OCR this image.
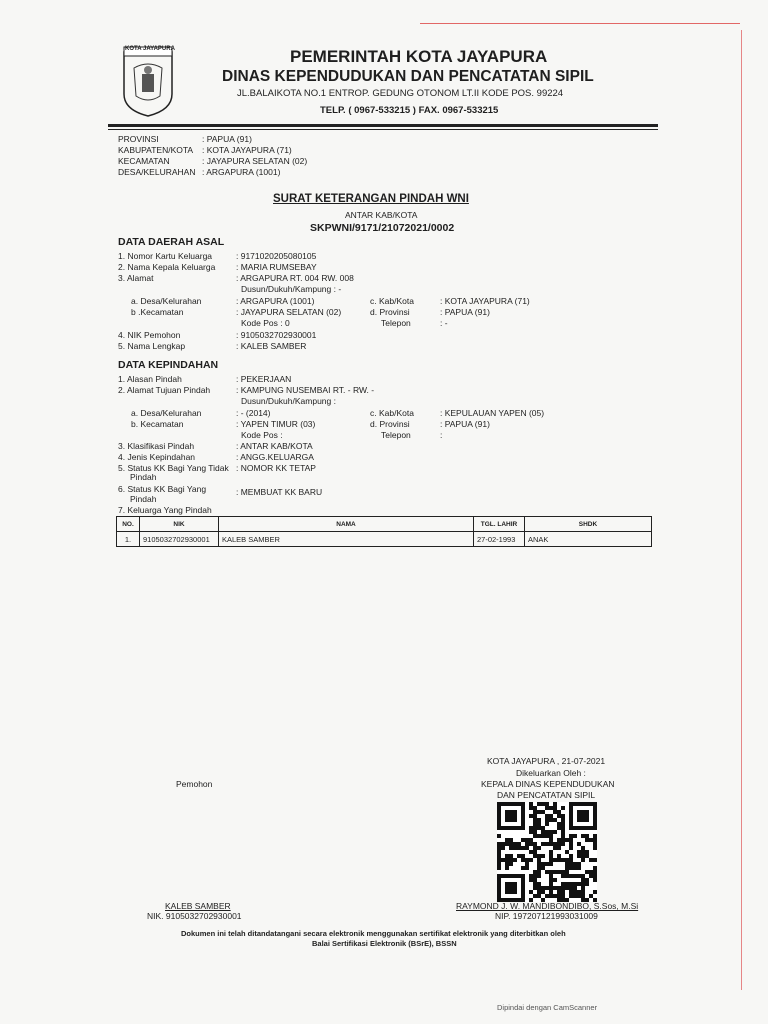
KOTA JAYAPURA	PEMERINTAH KOTA JAYAPURA
DINAS KEPENDUDUKAN DAN PENCATATAN SIPIL
JL.BALAIKOTA NO.1 ENTROP. GEDUNG OTONOM LT.II KODE POS. 99224
TELP. ( 0967-533215 ) FAX. 0967-533215
PROVINSI	: PAPUA (91)
KABUPATEN/KOTA : KOTA JAYAPURA (71)
KECAMATAN	: JAYAPURA SELATAN (02)
DESA/KELURAHAN : ARGAPURA (1001)
SURAT KETERANGAN PINDAH WNI
ANTAR KAB/KOTA
SKPWNI/9171/21072021/0002
DATA DAERAH ASAL
1. Nomor Kartu Keluarga	: 9171020205080105
2. Nama Kepala Keluarga : MARIA RUMSEBAY
3. Alamat	: ARGAPURA RT. 004 RW. 008
Dusun/Dukuh/Kampung : -
a. Desa/Kelurahan	: ARGAPURA (1001)	c. Kab/Kota	: KOTA JAYAPURA (71)
b .Kecamatan	: JAYAPURA SELATAN (02)	d. Provinsi	: PAPUA (91)
Kode Pos : 0	Telepon	: -
4. NIK Pemohon	: 9105032702930001
5. Nama Lengkap	: KALEB SAMBER
DATA KEPINDAHAN
1. Alasan Pindah	: PEKERJAAN
2. Alamat Tujuan Pindah	: KAMPUNG NUSEMBAI RT. - RW. -
Dusun/Dukuh/Kampung :
a. Desa/Kelurahan	: - (2014)	c. Kab/Kota	: KEPULAUAN YAPEN (05)
b. Kecamatan	: YAPEN TIMUR (03)	d. Provinsi	: PAPUA (91)
Kode Pos :	Telepon	:
3. Klasifikasi Pindah	: ANTAR KAB/KOTA
4. Jenis Kepindahan	: ANGG.KELUARGA
5. Status KK Bagi Yang Tidak
Pindah
: NOMOR KK TETAP
6. Status KK Bagi Yang
Pindah
: MEMBUAT KK BARU
7. Keluarga Yang Pindah
NO.	NIK	NAMA	TGL. LAHIR	SHDK
1.	9105032702930001	KALEB SAMBER	27-02-1993	ANAK
KOTA JAYAPURA , 21-07-2021
Dikeluarkan Oleh :
KEPALA DINAS KEPENDUDUKAN
DAN PENCATATAN SIPIL
Pemohon
KALEB SAMBER
NIK. 9105032702930001
RAYMOND J. W. MANDIBONDIBO, S.Sos, M.Si
NIP. 197207121993031009
Dokumen ini telah ditandatangani secara elektronik menggunakan sertifikat elektronik yang diterbitkan oleh
Balai Sertifikasi Elektronik (BSrE), BSSN
Dipindai dengan CamScanner
